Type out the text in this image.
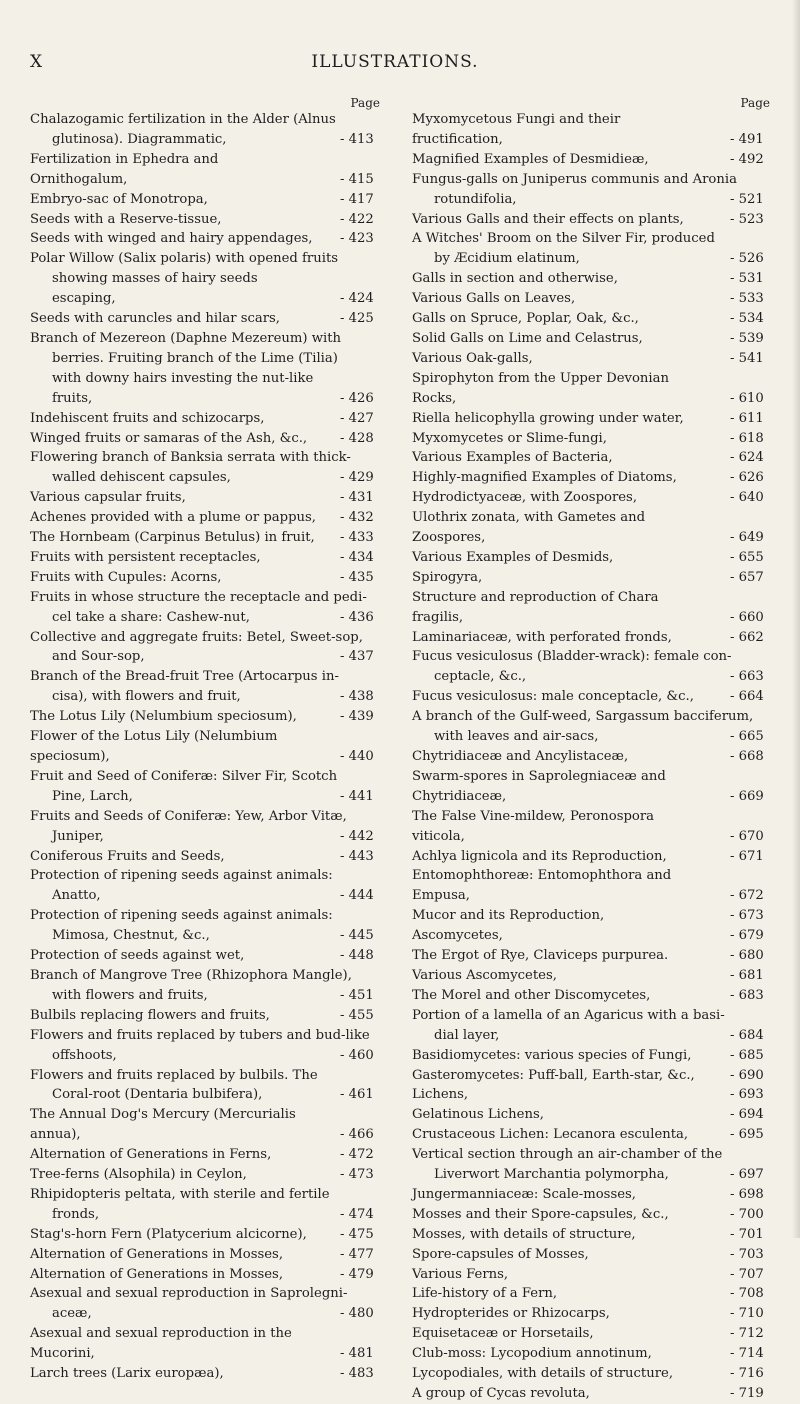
X	ILLUSTRATIONS.
Page
Chalazogamic fertilization in the Alder (Alnus
glutinosa). Diagrammatic,	- 413
Fertilization in Ephedra and Ornithogalum,	- 415
Embryo-sac of Monotropa,	- 417
Seeds with a Reserve-tissue,	- 422
Seeds with winged and hairy appendages,	- 423
Polar Willow (Salix polaris) with opened fruits
showing masses of hairy seeds escaping,	- 424
Seeds with caruncles and hilar scars,	- 425
Branch of Mezereon (Daphne Mezereum) with
berries. Fruiting branch of the Lime (Tilia)
with downy hairs investing the nut-like fruits,	- 426
Indehiscent fruits and schizocarps,	- 427
Winged fruits or samaras of the Ash, &c.,	- 428
Flowering branch of Banksia serrata with thick-
walled dehiscent capsules,	- 429
Various capsular fruits,	- 431
Achenes provided with a plume or pappus,	- 432
The Hornbeam (Carpinus Betulus) in fruit,	- 433
Fruits with persistent receptacles,	- 434
Fruits with Cupules: Acorns,	- 435
Fruits in whose structure the receptacle and pedi-
cel take a share: Cashew-nut,	- 436
Collective and aggregate fruits: Betel, Sweet-sop,
and Sour-sop,	- 437
Branch of the Bread-fruit Tree (Artocarpus in-
cisa), with flowers and fruit,	- 438
The Lotus Lily (Nelumbium speciosum),	- 439
Flower of the Lotus Lily (Nelumbium speciosum),	- 440
Fruit and Seed of Coniferæ: Silver Fir, Scotch
Pine, Larch,	- 441
Fruits and Seeds of Coniferæ: Yew, Arbor Vitæ,
Juniper,	- 442
Coniferous Fruits and Seeds,	- 443
Protection of ripening seeds against animals:
Anatto,	- 444
Protection of ripening seeds against animals:
Mimosa, Chestnut, &c.,	- 445
Protection of seeds against wet,	- 448
Branch of Mangrove Tree (Rhizophora Mangle),
with flowers and fruits,	- 451
Bulbils replacing flowers and fruits,	- 455
Flowers and fruits replaced by tubers and bud-like
offshoots,	- 460
Flowers and fruits replaced by bulbils. The
Coral-root (Dentaria bulbifera),	- 461
The Annual Dog's Mercury (Mercurialis annua),	- 466
Alternation of Generations in Ferns,	- 472
Tree-ferns (Alsophila) in Ceylon,	- 473
Rhipidopteris peltata, with sterile and fertile
fronds,	- 474
Stag's-horn Fern (Platycerium alcicorne),	- 475
Alternation of Generations in Mosses,	- 477
Alternation of Generations in Mosses,	- 479
Asexual and sexual reproduction in Saprolegni-
aceæ,	- 480
Asexual and sexual reproduction in the Mucorini,	- 481
Larch trees (Larix europæa),	- 483
Page
Myxomycetous Fungi and their fructification,	- 491
Magnified Examples of Desmidieæ,	- 492
Fungus-galls on Juniperus communis and Aronia
rotundifolia,	- 521
Various Galls and their effects on plants,	- 523
A Witches' Broom on the Silver Fir, produced
by Æcidium elatinum,	- 526
Galls in section and otherwise,	- 531
Various Galls on Leaves,	- 533
Galls on Spruce, Poplar, Oak, &c.,	- 534
Solid Galls on Lime and Celastrus,	- 539
Various Oak-galls,	- 541
Spirophyton from the Upper Devonian Rocks,	- 610
Riella helicophylla growing under water,	- 611
Myxomycetes or Slime-fungi,	- 618
Various Examples of Bacteria,	- 624
Highly-magnified Examples of Diatoms,	- 626
Hydrodictyaceæ, with Zoospores,	- 640
Ulothrix zonata, with Gametes and Zoospores,	- 649
Various Examples of Desmids,	- 655
Spirogyra,	- 657
Structure and reproduction of Chara fragilis,	- 660
Laminariaceæ, with perforated fronds,	- 662
Fucus vesiculosus (Bladder-wrack): female con-
ceptacle, &c.,	- 663
Fucus vesiculosus: male conceptacle, &c.,	- 664
A branch of the Gulf-weed, Sargassum bacciferum,
with leaves and air-sacs,	- 665
Chytridiaceæ and Ancylistaceæ,	- 668
Swarm-spores in Saprolegniaceæ and Chytridiaceæ,	- 669
The False Vine-mildew, Peronospora viticola,	- 670
Achlya lignicola and its Reproduction,	- 671
Entomophthoreæ: Entomophthora and Empusa,	- 672
Mucor and its Reproduction,	- 673
Ascomycetes,	- 679
The Ergot of Rye, Claviceps purpurea.	- 680
Various Ascomycetes,	- 681
The Morel and other Discomycetes,	- 683
Portion of a lamella of an Agaricus with a basi-
dial layer,	- 684
Basidiomycetes: various species of Fungi,	- 685
Gasteromycetes: Puff-ball, Earth-star, &c.,	- 690
Lichens,	- 693
Gelatinous Lichens,	- 694
Crustaceous Lichen: Lecanora esculenta,	- 695
Vertical section through an air-chamber of the
Liverwort Marchantia polymorpha,	- 697
Jungermanniaceæ: Scale-mosses,	- 698
Mosses and their Spore-capsules, &c.,	- 700
Mosses, with details of structure,	- 701
Spore-capsules of Mosses,	- 703
Various Ferns,	- 707
Life-history of a Fern,	- 708
Hydropterides or Rhizocarps,	- 710
Equisetaceæ or Horsetails,	- 712
Club-moss: Lycopodium annotinum,	- 714
Lycopodiales, with details of structure,	- 716
A group of Cycas revoluta,	- 719
